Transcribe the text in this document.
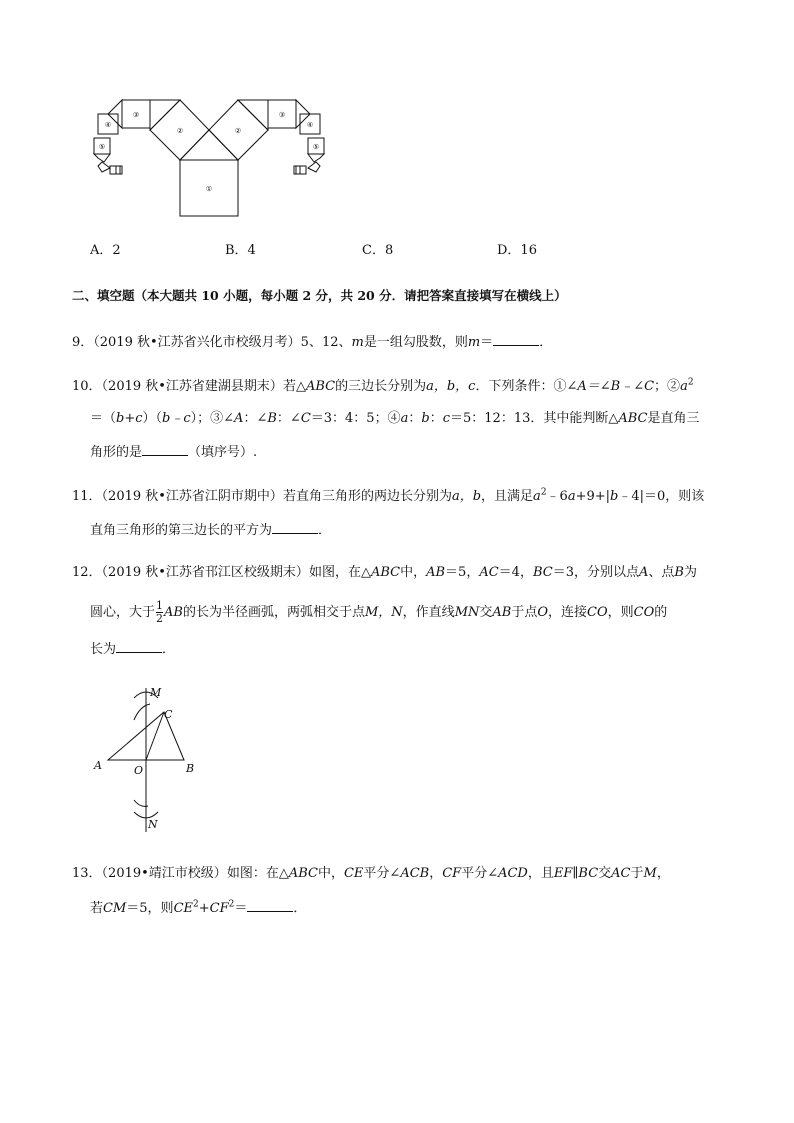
①
②	②
③	③
④	④
⑤	⑤
A．2	B．4	C．8	D．16
二、填空题（本大题共 10 小题，每小题 2 分，共 20 分．请把答案直接填写在横线上）
9．（2019 秋•江苏省兴化市校级月考）5、12、m是一组勾股数，则m＝	．
10．（2019 秋•江苏省建湖县期末）若△ABC的三边长分别为a，b，c．下列条件：①∠A＝∠B﹣∠C；$②a^2$
＝（b+c）（b﹣c）；③∠A：∠B：∠C＝3：4：5；④a：b：c＝5：12：13．其中能判断△ABC是直角三
角形的是	（填序号）.
11．（2019 秋•江苏省江阴市期中）若直角三角形的两边长分别为a，b，且满足$a^2﹣6a+9+|b﹣4|=0$，则该
直角三角形的第三边长的平方为	．
12．（2019 秋•江苏省邗江区校级期末）如图，在△ABC中，AB＝5，AC＝4，BC＝3，分别以点A、点B为
圆心，大于 $\frac{1}{2}$ AB的长为半径画弧，两弧相交于点M，N，作直线MN交AB于点O，连接CO，则CO的
长为	．
M
C
A	O	B
N
13．（2019•靖江市校级）如图：在△ABC中，CE平分∠ACB，CF平分∠ACD，且EF∥BC交AC于M，
若CM＝5，则$CE^2+CF^2=$	．
